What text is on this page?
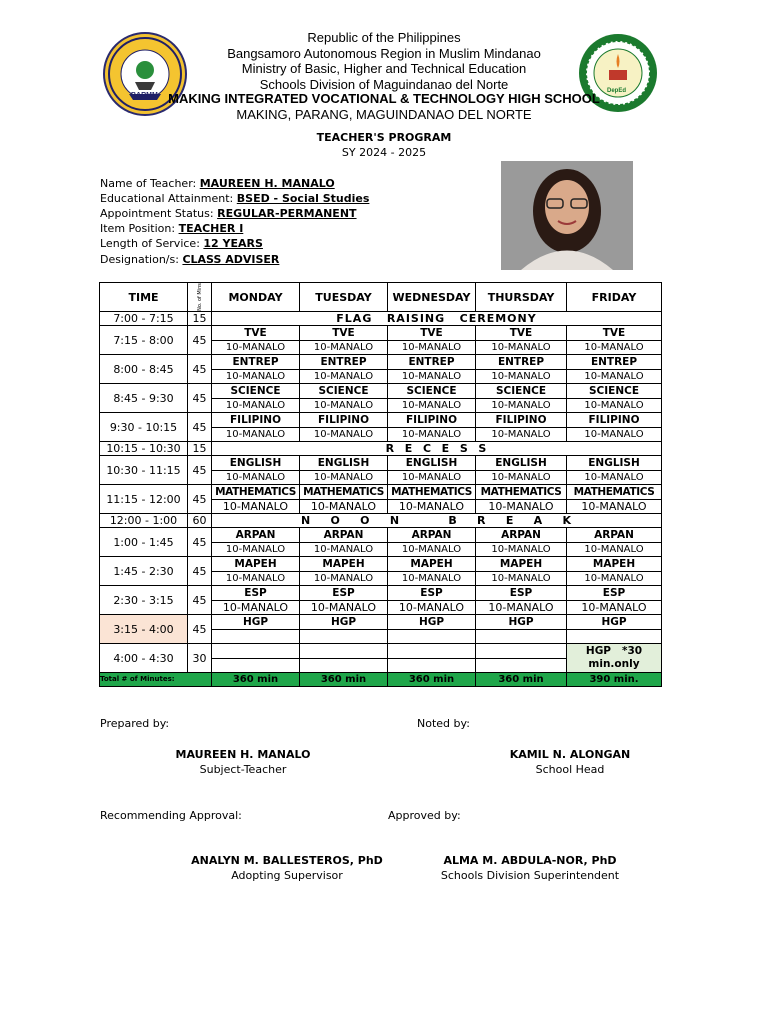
BARMM
DepEd
Republic of the Philippines
Bangsamoro Autonomous Region in Muslim Mindanao
Ministry of Basic, Higher and Technical Education
Schools Division of Maguindanao del Norte
MAKING INTEGRATED VOCATIONAL & TECHNOLOGY HIGH SCHOOL
MAKING, PARANG, MAGUINDANAO DEL NORTE
TEACHER'S PROGRAM
SY 2024 - 2025
Name of Teacher: MAUREEN H. MANALO
Educational Attainment: BSED - Social Studies
Appointment Status: REGULAR-PERMANENT
Item Position: TEACHER I
Length of Service: 12 YEARS
Designation/s: CLASS ADVISER
TIME	No. of Mins	MONDAY	TUESDAY	WEDNESDAY	THURSDAY	FRIDAY
7:00 - 7:15	15	FLAG   RAISING   CEREMONY				
7:15 - 8:00	45	TVE	TVE	TVE	TVE	TVE
		10-MANALO	10-MANALO	10-MANALO	10-MANALO	10-MANALO
8:00 - 8:45	45	ENTREP	ENTREP	ENTREP	ENTREP	ENTREP
		10-MANALO	10-MANALO	10-MANALO	10-MANALO	10-MANALO
8:45 - 9:30	45	SCIENCE	SCIENCE	SCIENCE	SCIENCE	SCIENCE
		10-MANALO	10-MANALO	10-MANALO	10-MANALO	10-MANALO
9:30 - 10:15	45	FILIPINO	FILIPINO	FILIPINO	FILIPINO	FILIPINO
		10-MANALO	10-MANALO	10-MANALO	10-MANALO	10-MANALO
10:15 - 10:30	15	R  E  C  E  S  S				
10:30 - 11:15	45	ENGLISH	ENGLISH	ENGLISH	ENGLISH	ENGLISH
		10-MANALO	10-MANALO	10-MANALO	10-MANALO	10-MANALO
11:15 - 12:00	45	MATHEMATICS	MATHEMATICS	MATHEMATICS	MATHEMATICS	MATHEMATICS
		10-MANALO	10-MANALO	10-MANALO	10-MANALO	10-MANALO
12:00 - 1:00	60	N    O    O    N          B    R    E    A    K				
1:00 - 1:45	45	ARPAN	ARPAN	ARPAN	ARPAN	ARPAN
		10-MANALO	10-MANALO	10-MANALO	10-MANALO	10-MANALO
1:45 - 2:30	45	MAPEH	MAPEH	MAPEH	MAPEH	MAPEH
		10-MANALO	10-MANALO	10-MANALO	10-MANALO	10-MANALO
2:30 - 3:15	45	ESP	ESP	ESP	ESP	ESP
		10-MANALO	10-MANALO	10-MANALO	10-MANALO	10-MANALO
3:15 - 4:00	45	HGP	HGP	HGP	HGP	HGP

4:00 - 4:30	30					HGP   *30 min.only

Total # of Minutes:		360 min	360 min	360 min	360 min	390 min.
Prepared by:	Noted by:
MAUREEN H. MANALO
Subject-Teacher
KAMIL N. ALONGAN
School Head
Recommending Approval:	Approved by:
ANALYN M. BALLESTEROS, PhD
Adopting Supervisor
ALMA M. ABDULA-NOR, PhD
Schools Division Superintendent
